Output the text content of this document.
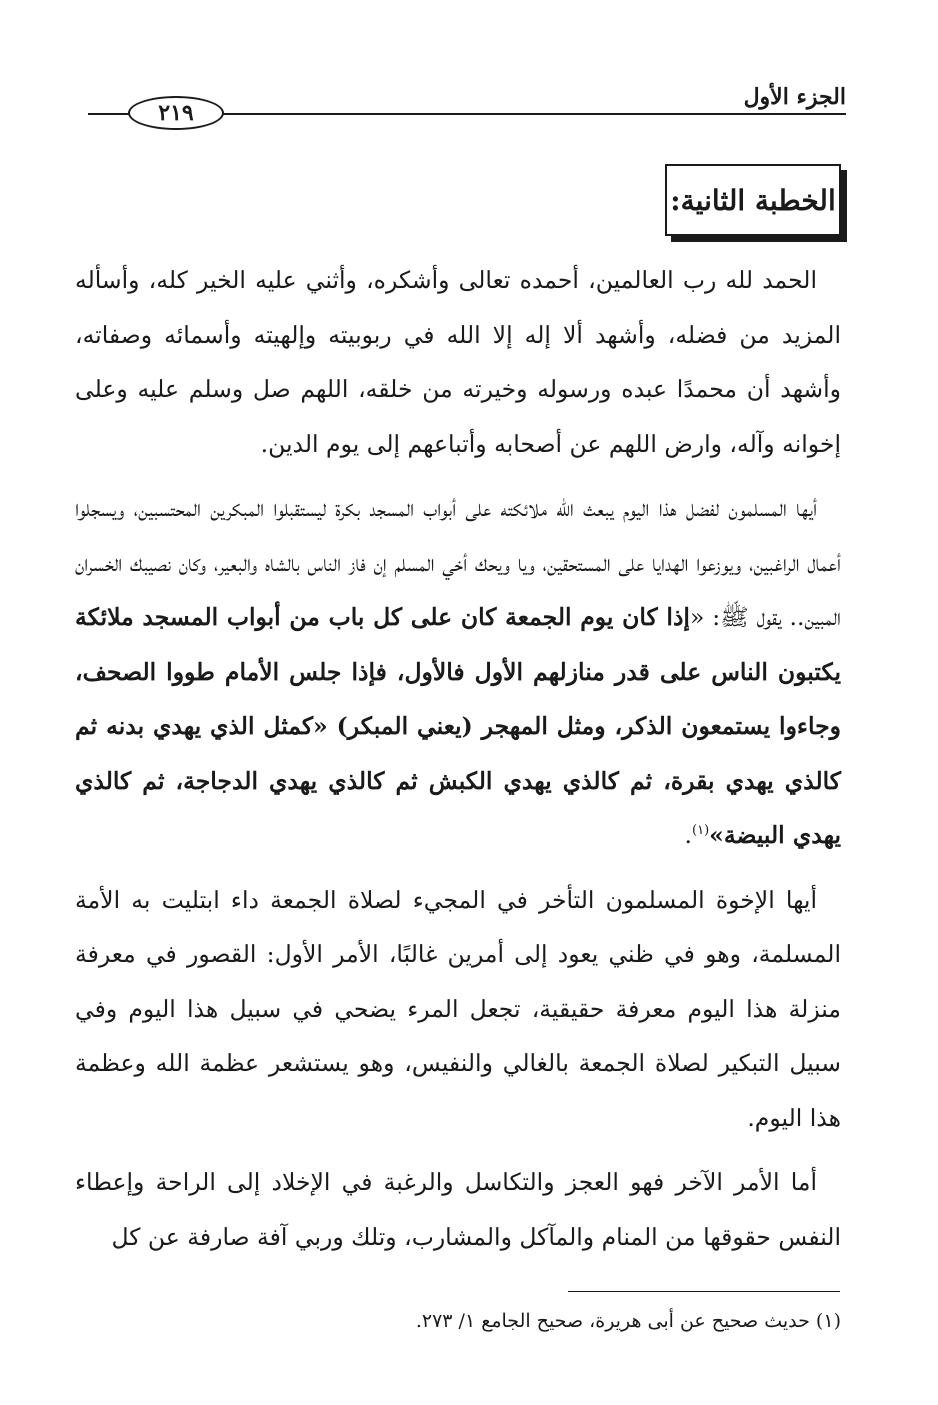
٢١٩
الجزء الأول
الخطبة الثانية:

الحمد لله رب العالمين، أحمده تعالى وأشكره، وأثني عليه الخير كله، وأسأله المزيد من فضله، وأشهد ألا إله إلا الله في ربوبيته وإلهيته وأسمائه وصفاته، وأشهد أن محمدًا عبده ورسوله وخيرته من خلقه، اللهم صل وسلم عليه وعلى إخوانه وآله، وارض اللهم عن أصحابه وأتباعهم إلى يوم الدين.

أيها المسلمون لفضل هذا اليوم يبعث الله ملائكته على أبواب المسجد بكرة ليستقبلوا المبكرين المحتسبين، ويسجلوا أعمال الراغبين، ويوزعوا الهدايا على المستحقين، ويا ويحك أخي المسلم إن فاز الناس بالشاه والبعير، وكان نصيبك الخسران المبين.. يقول ﷺ: «إذا كان يوم الجمعة كان على كل باب من أبواب المسجد ملائكة يكتبون الناس على قدر منازلهم الأول فالأول، فإذا جلس الأمام طووا الصحف، وجاءوا يستمعون الذكر، ومثل المهجر (يعني المبكر) «كمثل الذي يهدي بدنه ثم كالذي يهدي بقرة، ثم كالذي يهدي الكبش ثم كالذي يهدي الدجاجة، ثم كالذي يهدي البيضة»$^{(١)}$.

أيها الإخوة المسلمون التأخر في المجيء لصلاة الجمعة داء ابتليت به الأمة المسلمة، وهو في ظني يعود إلى أمرين غالبًا، الأمر الأول: القصور في معرفة منزلة هذا اليوم معرفة حقيقية، تجعل المرء يضحي في سبيل هذا اليوم وفي سبيل التبكير لصلاة الجمعة بالغالي والنفيس، وهو يستشعر عظمة الله وعظمة هذا اليوم.

أما الأمر الآخر فهو العجز والتكاسل والرغبة في الإخلاد إلى الراحة وإعطاء النفس حقوقها من المنام والمآكل والمشارب، وتلك وربي آفة صارفة عن كل

(١) حديث صحيح عن أبى هريرة، صحيح الجامع ١/ ٢٧٣.
